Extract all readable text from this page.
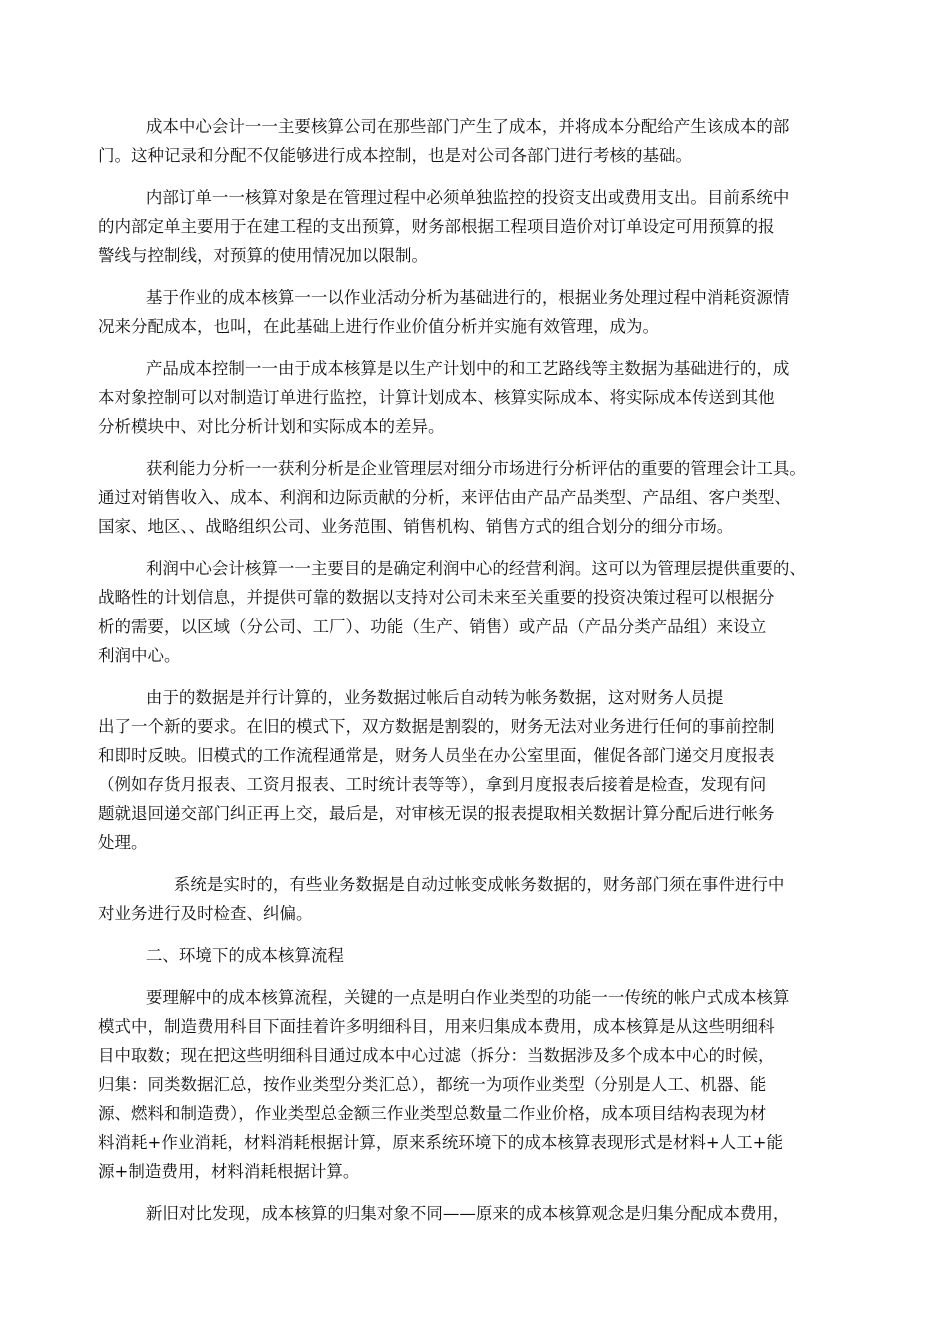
成本中心会计一一主要核算公司在那些部门产生了成本，并将成本分配给产生该成本的部
门。这种记录和分配不仅能够进行成本控制，也是对公司各部门进行考核的基础。

内部订单一一核算对象是在管理过程中必须单独监控的投资支出或费用支出。目前系统中
的内部定单主要用于在建工程的支出预算，财务部根据工程项目造价对订单设定可用预算的报
警线与控制线，对预算的使用情况加以限制。

基于作业的成本核算一一以作业活动分析为基础进行的，根据业务处理过程中消耗资源情
况来分配成本，也叫，在此基础上进行作业价值分析并实施有效管理，成为。

产品成本控制一一由于成本核算是以生产计划中的和工艺路线等主数据为基础进行的，成
本对象控制可以对制造订单进行监控，计算计划成本、核算实际成本、将实际成本传送到其他
分析模块中、对比分析计划和实际成本的差异。

获利能力分析一一获利分析是企业管理层对细分市场进行分析评估的重要的管理会计工具。
通过对销售收入、成本、利润和边际贡献的分析，来评估由产品产品类型、产品组、客户类型、
国家、地区、、战略组织公司、业务范围、销售机构、销售方式的组合划分的细分市场。

利润中心会计核算一一主要目的是确定利润中心的经营利润。这可以为管理层提供重要的、
战略性的计划信息，并提供可靠的数据以支持对公司未来至关重要的投资决策过程可以根据分
析的需要，以区域（分公司、工厂）、功能（生产、销售）或产品（产品分类产品组）来设立
利润中心。

由于的数据是并行计算的，业务数据过帐后自动转为帐务数据，这对财务人员提
出了一个新的要求。在旧的模式下，双方数据是割裂的，财务无法对业务进行任何的事前控制
和即时反映。旧模式的工作流程通常是，财务人员坐在办公室里面，催促各部门递交月度报表
（例如存货月报表、工资月报表、工时统计表等等），拿到月度报表后接着是检查，发现有问
题就退回递交部门纠正再上交，最后是，对审核无误的报表提取相关数据计算分配后进行帐务
处理。

系统是实时的，有些业务数据是自动过帐变成帐务数据的，财务部门须在事件进行中
对业务进行及时检查、纠偏。

二、环境下的成本核算流程

要理解中的成本核算流程，关键的一点是明白作业类型的功能一一传统的帐户式成本核算
模式中，制造费用科目下面挂着许多明细科目，用来归集成本费用，成本核算是从这些明细科
目中取数；现在把这些明细科目通过成本中心过滤（拆分：当数据涉及多个成本中心的时候，
归集：同类数据汇总，按作业类型分类汇总），都统一为项作业类型（分别是人工、机器、能
源、燃料和制造费），作业类型总金额三作业类型总数量二作业价格，成本项目结构表现为材
料消耗+作业消耗，材料消耗根据计算，原来系统环境下的成本核算表现形式是材料+人工+能
源+制造费用，材料消耗根据计算。

新旧对比发现，成本核算的归集对象不同——原来的成本核算观念是归集分配成本费用，
